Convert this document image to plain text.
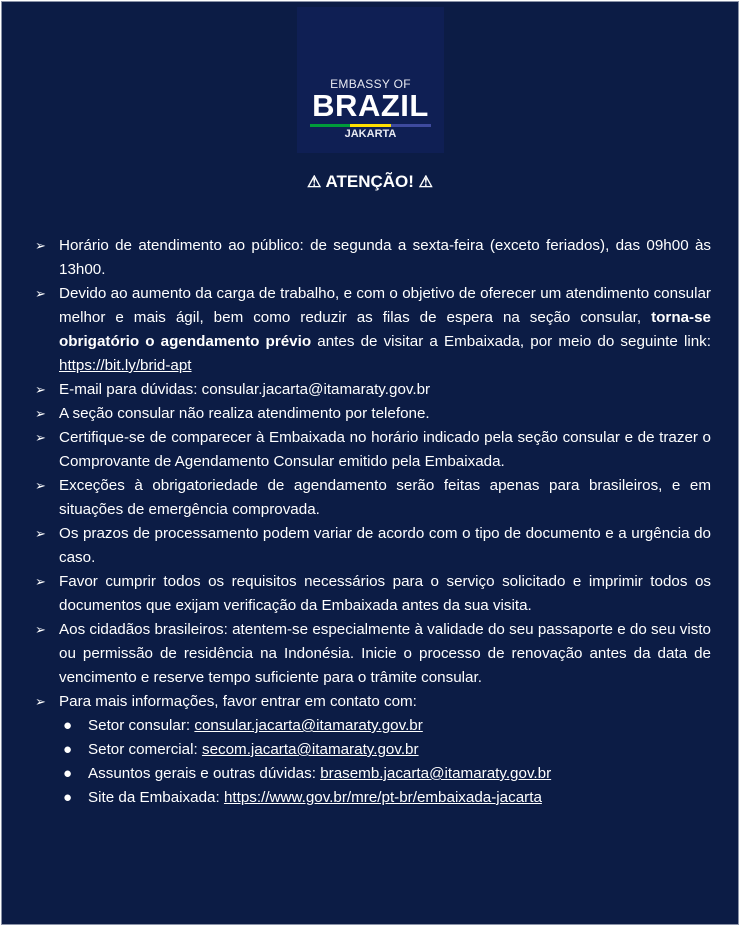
EMBASSY OF
BRAZIL
JAKARTA
⚠ ATENÇÃO! ⚠
➢ Horário de atendimento ao público: de segunda a sexta-feira (exceto feriados), das 09h00 às 13h00.
➢ Devido ao aumento da carga de trabalho, e com o objetivo de oferecer um atendimento consular melhor e mais ágil, bem como reduzir as filas de espera na seção consular, torna-se obrigatório o agendamento prévio antes de visitar a Embaixada, por meio do seguinte link: https://bit.ly/brid-apt
➢ E-mail para dúvidas: consular.jacarta@itamaraty.gov.br
➢ A seção consular não realiza atendimento por telefone.
➢ Certifique-se de comparecer à Embaixada no horário indicado pela seção consular e de trazer o Comprovante de Agendamento Consular emitido pela Embaixada.
➢ Exceções à obrigatoriedade de agendamento serão feitas apenas para brasileiros, e em situações de emergência comprovada.
➢ Os prazos de processamento podem variar de acordo com o tipo de documento e a urgência do caso.
➢ Favor cumprir todos os requisitos necessários para o serviço solicitado e imprimir todos os documentos que exijam verificação da Embaixada antes da sua visita.
➢ Aos cidadãos brasileiros: atentem-se especialmente à validade do seu passaporte e do seu visto ou permissão de residência na Indonésia. Inicie o processo de renovação antes da data de vencimento e reserve tempo suficiente para o trâmite consular.
➢ Para mais informações, favor entrar em contato com:
● Setor consular: consular.jacarta@itamaraty.gov.br
● Setor comercial: secom.jacarta@itamaraty.gov.br
● Assuntos gerais e outras dúvidas: brasemb.jacarta@itamaraty.gov.br
● Site da Embaixada: https://www.gov.br/mre/pt-br/embaixada-jacarta
